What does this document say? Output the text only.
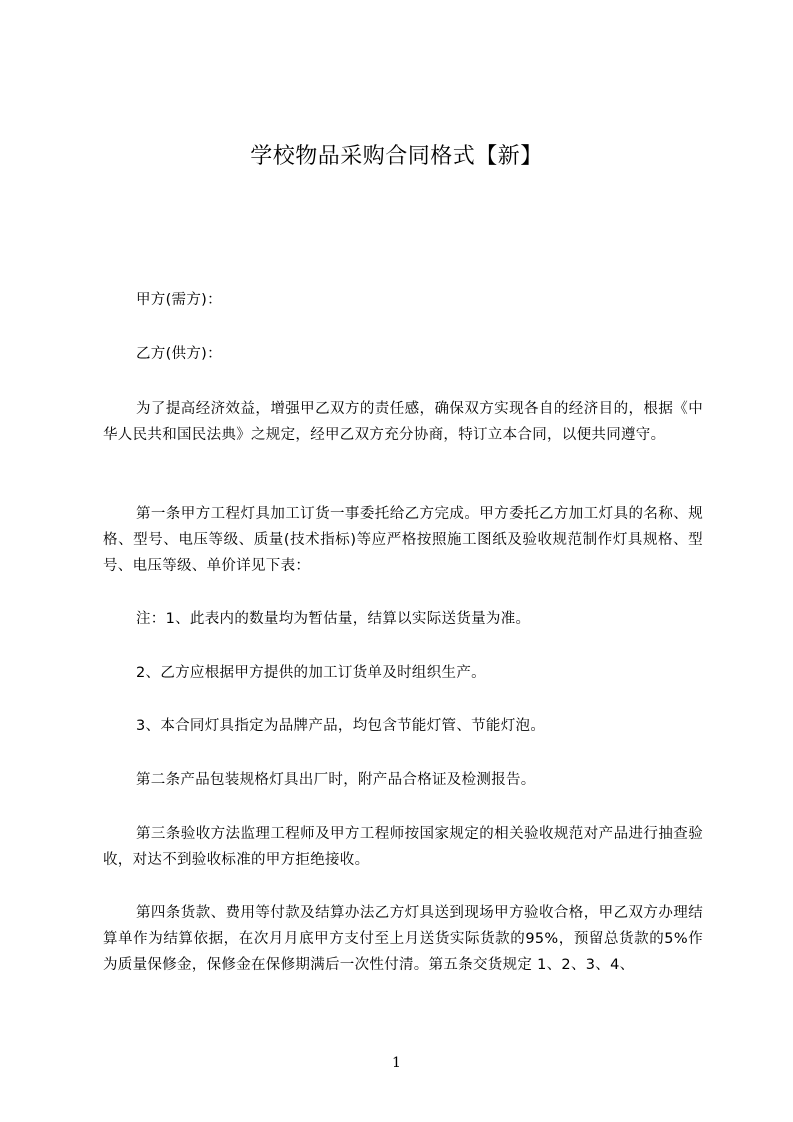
学校物品采购合同格式【新】

甲方(需方)：

乙方(供方)：

为了提高经济效益，增强甲乙双方的责任感，确保双方实现各自的经济目的，根据《中华人民共和国民法典》之规定，经甲乙双方充分协商，特订立本合同，以便共同遵守。

第一条甲方工程灯具加工订货一事委托给乙方完成。甲方委托乙方加工灯具的名称、规格、型号、电压等级、质量(技术指标)等应严格按照施工图纸及验收规范制作灯具规格、型号、电压等级、单价详见下表：

注：1、此表内的数量均为暂估量，结算以实际送货量为准。

2、乙方应根据甲方提供的加工订货单及时组织生产。

3、本合同灯具指定为品牌产品，均包含节能灯管、节能灯泡。

第二条产品包装规格灯具出厂时，附产品合格证及检测报告。

第三条验收方法监理工程师及甲方工程师按国家规定的相关验收规范对产品进行抽查验收，对达不到验收标准的甲方拒绝接收。

第四条货款、费用等付款及结算办法乙方灯具送到现场甲方验收合格，甲乙双方办理结算单作为结算依据，在次月月底甲方支付至上月送货实际货款的95%，预留总货款的5%作为质量保修金，保修金在保修期满后一次性付清。第五条交货规定 1、2、3、4、

1
